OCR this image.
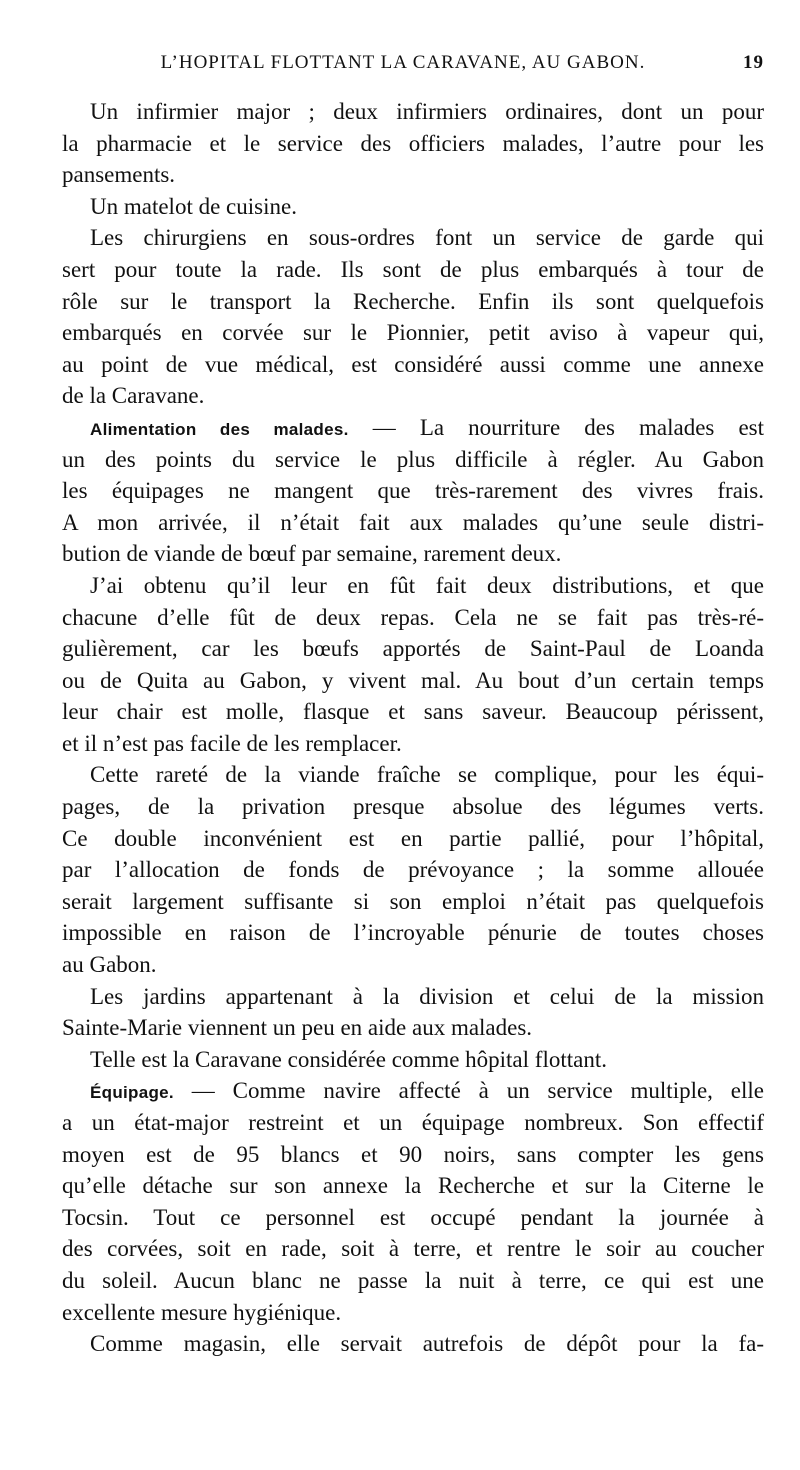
L’HOPITAL FLOTTANT LA CARAVANE, AU GABON.	19
Un infirmier major ; deux infirmiers ordinaires, dont un pour
la pharmacie et le service des officiers malades, l’autre pour les
pansements.
Un matelot de cuisine.
Les chirurgiens en sous-ordres font un service de garde qui
sert pour toute la rade. Ils sont de plus embarqués à tour de
rôle sur le transport la Recherche. Enfin ils sont quelquefois
embarqués en corvée sur le Pionnier, petit aviso à vapeur qui,
au point de vue médical, est considéré aussi comme une annexe
de la Caravane.
Alimentation des malades. — La nourriture des malades est
un des points du service le plus difficile à régler. Au Gabon
les équipages ne mangent que très-rarement des vivres frais.
A mon arrivée, il n’était fait aux malades qu’une seule distri-
bution de viande de bœuf par semaine, rarement deux.
J’ai obtenu qu’il leur en fût fait deux distributions, et que
chacune d’elle fût de deux repas. Cela ne se fait pas très-ré-
gulièrement, car les bœufs apportés de Saint-Paul de Loanda
ou de Quita au Gabon, y vivent mal. Au bout d’un certain temps
leur chair est molle, flasque et sans saveur. Beaucoup périssent,
et il n’est pas facile de les remplacer.
Cette rareté de la viande fraîche se complique, pour les équi-
pages, de la privation presque absolue des légumes verts.
Ce double inconvénient est en partie pallié, pour l’hôpital,
par l’allocation de fonds de prévoyance ; la somme allouée
serait largement suffisante si son emploi n’était pas quelquefois
impossible en raison de l’incroyable pénurie de toutes choses
au Gabon.
Les jardins appartenant à la division et celui de la mission
Sainte-Marie viennent un peu en aide aux malades.
Telle est la Caravane considérée comme hôpital flottant.
Équipage. — Comme navire affecté à un service multiple, elle
a un état-major restreint et un équipage nombreux. Son effectif
moyen est de 95 blancs et 90 noirs, sans compter les gens
qu’elle détache sur son annexe la Recherche et sur la Citerne le
Tocsin. Tout ce personnel est occupé pendant la journée à
des corvées, soit en rade, soit à terre, et rentre le soir au coucher
du soleil. Aucun blanc ne passe la nuit à terre, ce qui est une
excellente mesure hygiénique.
Comme magasin, elle servait autrefois de dépôt pour la fa-
